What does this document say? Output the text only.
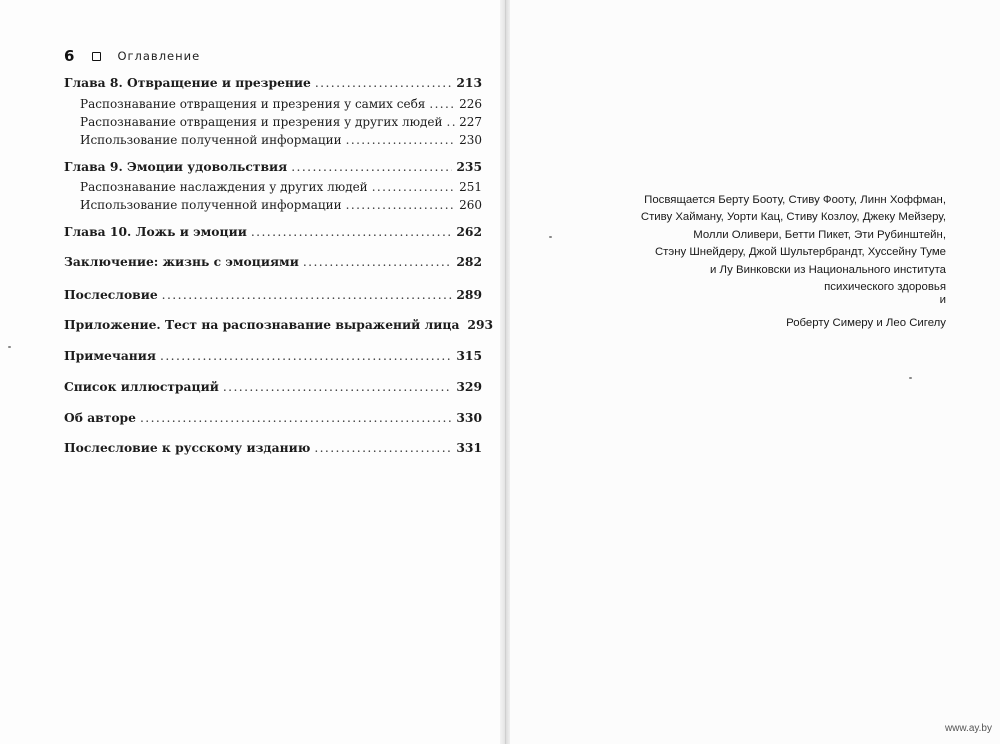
6	Оглавление
Глава 8. Отвращение и презрение .....	213
Распознавание отвращения и презрения у самих себя .....	226
Распознавание отвращения и презрения у других людей ..... 227
Использование полученной информации .....	230
Глава 9. Эмоции удовольствия .....	235
Распознавание наслаждения у других людей .....	251
Использование полученной информации .....	260
Глава 10. Ложь и эмоции .....	262
Заключение: жизнь с эмоциями .....	282
Послесловие .....	289
Приложение. Тест на распознавание выражений лица 293
Примечания .....	315
Список иллюстраций .....	329
Об авторе .....	330
Послесловие к русскому изданию .....	331
Посвящается Берту Бооту, Стиву Фооту, Линн Хоффман,
Стиву Хайману, Уорти Кац, Стиву Козлоу, Джеку Мейзеру,
Молли Оливери, Бетти Пикет, Эти Рубинштейн,
Стэну Шнейдеру, Джой Шультербрандт, Хуссейну Туме
и Лу Винковски из Национального института
психического здоровья
и
Роберту Симеру и Лео Сигелу
www.ay.by
